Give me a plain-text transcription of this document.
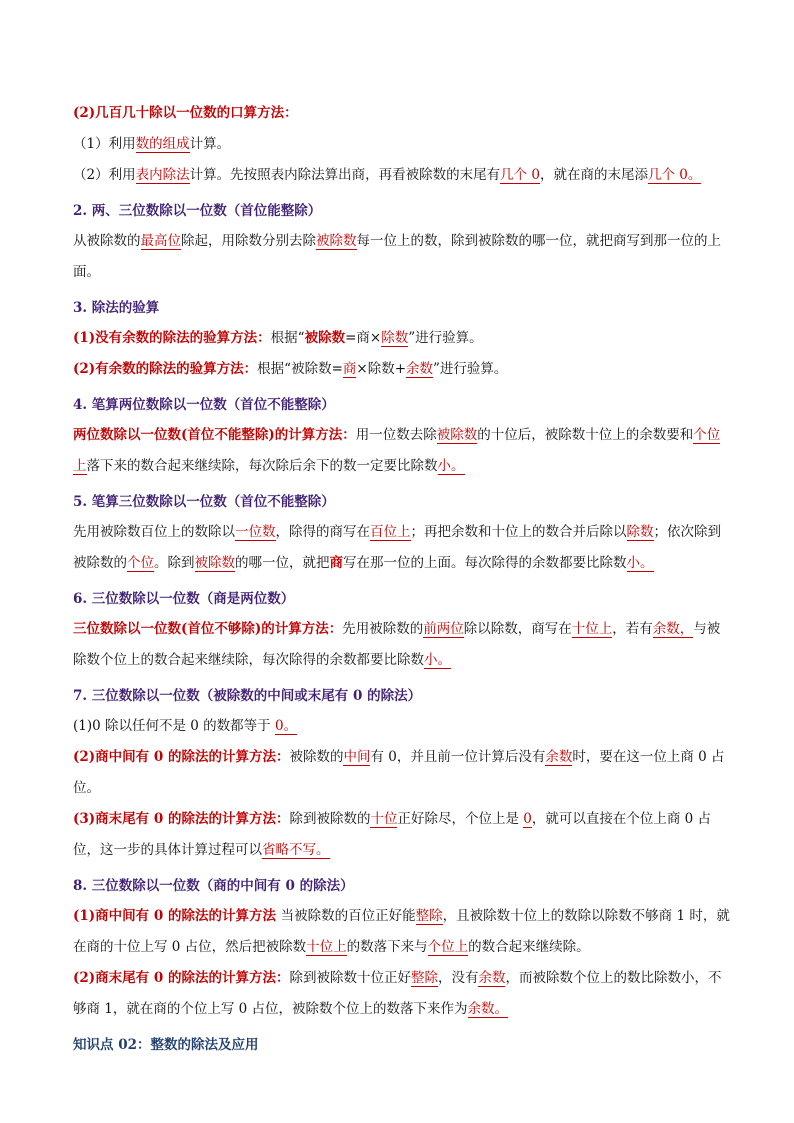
(2)几百几十除以一位数的口算方法：
（1）利用数的组成计算。
（2）利用表内除法计算。先按照表内除法算出商，再看被除数的末尾有几个 0，就在商的末尾添几个 0。
2. 两、三位数除以一位数（首位能整除）
从被除数的最高位除起，用除数分别去除被除数每一位上的数，除到被除数的哪一位，就把商写到那一位的上面。
3. 除法的验算
(1)没有余数的除法的验算方法：根据“被除数=商×除数”进行验算。
(2)有余数的除法的验算方法：根据“被除数=商×除数+余数”进行验算。
4. 笔算两位数除以一位数（首位不能整除）
两位数除以一位数(首位不能整除)的计算方法：用一位数去除被除数的十位后，被除数十位上的余数要和个位上落下来的数合起来继续除，每次除后余下的数一定要比除数小。
5. 笔算三位数除以一位数（首位不能整除）
先用被除数百位上的数除以一位数，除得的商写在百位上；再把余数和十位上的数合并后除以除数；依次除到被除数的个位。除到被除数的哪一位，就把商写在那一位的上面。每次除得的余数都要比除数小。
6. 三位数除以一位数（商是两位数）
三位数除以一位数(首位不够除)的计算方法：先用被除数的前两位除以除数，商写在十位上，若有余数，与被除数个位上的数合起来继续除，每次除得的余数都要比除数小。
7. 三位数除以一位数（被除数的中间或末尾有 0 的除法）
(1)0 除以任何不是 0 的数都等于 0。
(2)商中间有 0 的除法的计算方法：被除数的中间有 0，并且前一位计算后没有余数时，要在这一位上商 0 占位。
(3)商末尾有 0 的除法的计算方法：除到被除数的十位正好除尽，个位上是 0，就可以直接在个位上商 0 占位，这一步的具体计算过程可以省略不写。
8. 三位数除以一位数（商的中间有 0 的除法）
(1)商中间有 0 的除法的计算方法 当被除数的百位正好能整除，且被除数十位上的数除以除数不够商 1 时，就在商的十位上写 0 占位，然后把被除数十位上的数落下来与个位上的数合起来继续除。
(2)商末尾有 0 的除法的计算方法：除到被除数十位正好整除，没有余数，而被除数个位上的数比除数小，不够商 1，就在商的个位上写 0 占位，被除数个位上的数落下来作为余数。
知识点 02：整数的除法及应用
